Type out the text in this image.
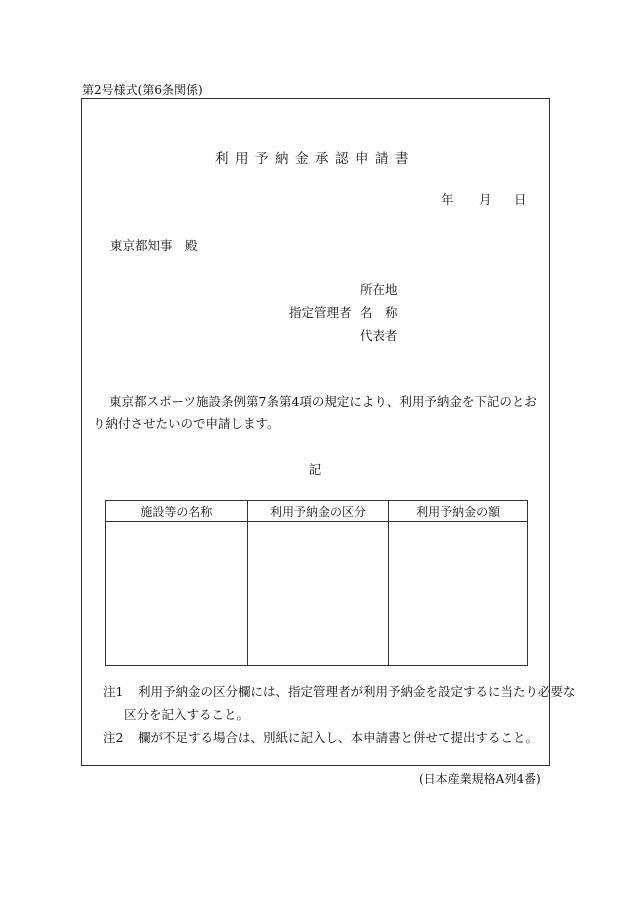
第2号様式(第6条関係)
利用予納金承認申請書
年 月 日
東京都知事　殿
所在地
指定管理者 名　称
代表者
東京都スポーツ施設条例第7条第4項の規定により、利用予納金を下記のとおり納付させたいので申請します。
記
施設等の名称	利用予納金の区分	利用予納金の額

注1 利用予納金の区分欄には、指定管理者が利用予納金を設定するに当たり必要な
区分を記入すること。
注2 欄が不足する場合は、別紙に記入し、本申請書と併せて提出すること。
(日本産業規格A列4番)
